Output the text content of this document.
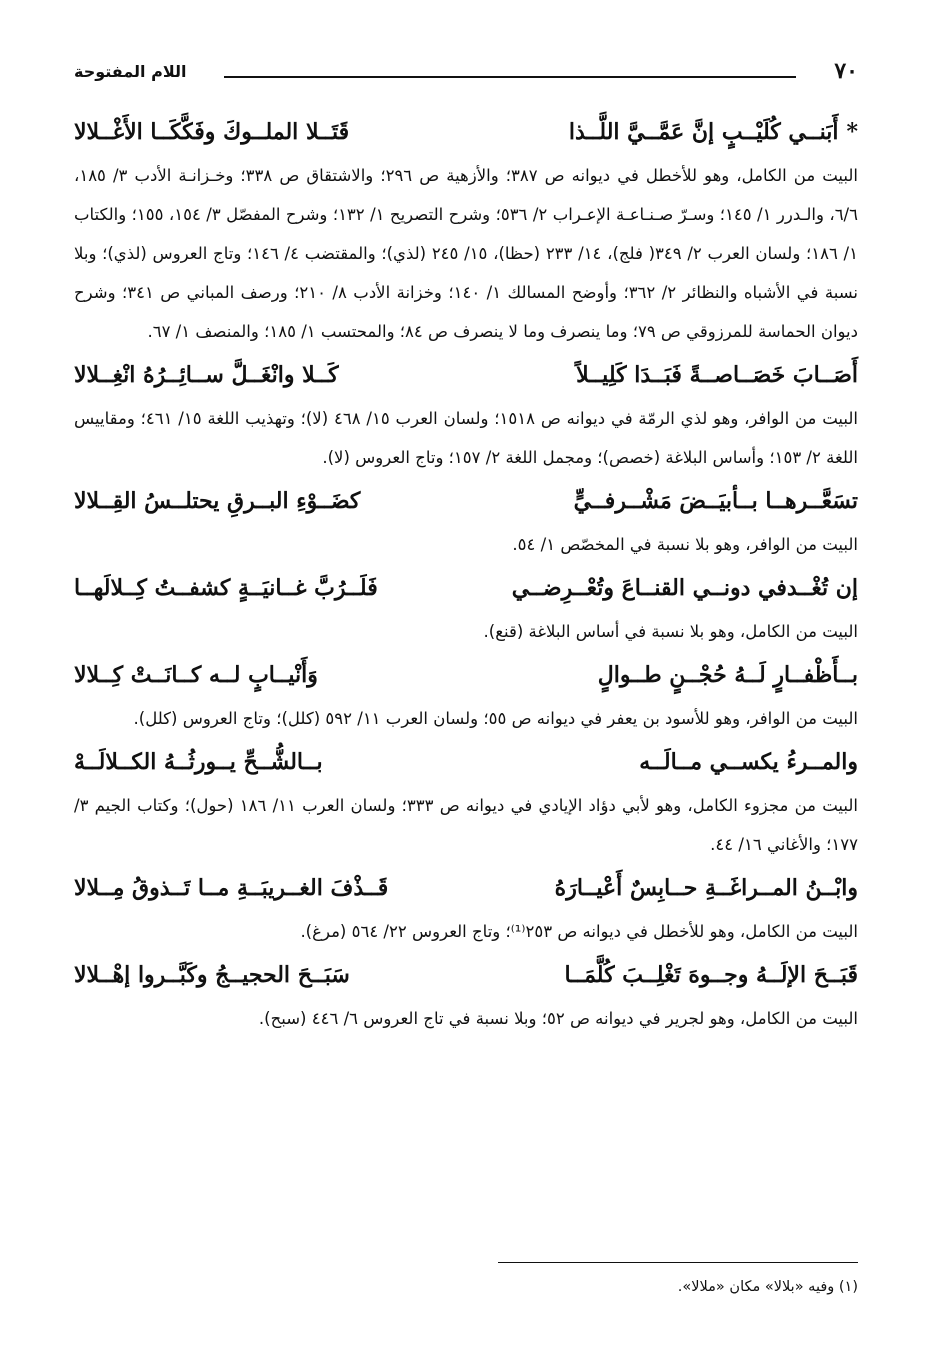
٧٠
اللام المفتوحة
*أَبَنــي كُلَيْــبٍ إنَّ عَمَّــيَّ اللَّــذا
قَتَــلا الملــوكَ وفَكَّكَــا الأَغْــلالا

البيت من الكامل، وهو للأخطل في ديوانه ص ٣٨٧؛ والأزهية ص ٢٩٦؛ والاشتقاق ص ٣٣٨؛ وخـزانـة الأدب ٣/ ١٨٥، ٦/٦، والـدرر ١/ ١٤٥؛ وسـرّ صـنـاعـة الإعـراب ٢/ ٥٣٦؛ وشرح التصريح ١/ ١٣٢؛ وشرح المفصّل ٣/ ١٥٤، ١٥٥؛ والكتاب ١/ ١٨٦؛ ولسان العرب ٢/ ٣٤٩( فلج)، ١٤/ ٢٣٣ (حظا)، ١٥/ ٢٤٥ (لذي)؛ والمقتضب ٤/ ١٤٦؛ وتاج العروس (لذي)؛ وبلا نسبة في الأشباه والنظائر ٢/ ٣٦٢؛ وأوضح المسالك ١/ ١٤٠؛ وخزانة الأدب ٨/ ٢١٠؛ ورصف المباني ص ٣٤١؛ وشرح ديوان الحماسة للمرزوقي ص ٧٩؛ وما ينصرف وما لا ينصرف ص ٨٤؛ والمحتسب ١/ ١٨٥؛ والمنصف ١/ ٦٧.

أَصَــابَ خَصَــاصــةً فَبَــدَا كَلِيــلاً
كَــلا وانْغَــلَّ ســائِــرُهُ انْغِــلالا

البيت من الوافر، وهو لذي الرمّة في ديوانه ص ١٥١٨؛ ولسان العرب ١٥/ ٤٦٨ (لا)؛ وتهذيب اللغة ١٥/ ٤٦١؛ ومقاييس اللغة ٢/ ١٥٣؛ وأساس البلاغة (خصص)؛ ومجمل اللغة ٢/ ١٥٧؛ وتاج العروس (لا).

تسَعَّــرهــا بــأبيَــضَ مَشْــرفــيٍّ
كضَــوْءِ البــرقِ يحتلــسُ القِــلالا

البيت من الوافر، وهو بلا نسبة في المخصّص ١/ ٥٤.

إن تُغْــدفي دونــي القنــاعَ وتُعْــرِضــي
فَلَــرُبَّ غــانيَــةٍ كشفــتُ كِــلالَهــا

البيت من الكامل، وهو بلا نسبة في أساس البلاغة (قنع).

بــأَظْفــارٍ لَــهُ حُجْــنٍ طــوالٍ
وَأَنْيــابٍ لــه كــانَــتْ كِــلالا

البيت من الوافر، وهو للأسود بن يعفر في ديوانه ص ٥٥؛ ولسان العرب ١١/ ٥٩٢ (كلل)؛ وتاج العروس (كلل).

والمــرءُ يكســي مــالَــه
بــالشُّــحِّ يــورثُــهُ الكــلالَــهْ

البيت من مجزوء الكامل، وهو لأبي دؤاد الإيادي في ديوانه ص ٣٣٣؛ ولسان العرب ١١/ ١٨٦ (حول)؛ وكتاب الجيم ٣/ ١٧٧؛ والأغاني ١٦/ ٤٤.

وابْــنُ المــراغَــةِ حــابِسٌ أَعْيــارَهُ
قَــذْفَ الغــريبَــةِ مــا تَــذوقُ مِــلالا

البيت من الكامل، وهو للأخطل في ديوانه ص ٢٥٣⁽¹⁾؛ وتاج العروس ٢٢/ ٥٦٤ (مرغ).

قَبَــحَ الإلَــهُ وجــوهَ تَغْلِــبَ كُلَّمَــا
سَبَــحَ الحجيــجُ وكَبَّــروا إهْــلالا

البيت من الكامل، وهو لجرير في ديوانه ص ٥٢؛ وبلا نسبة في تاج العروس ٦/ ٤٤٦ (سبح).

(١) وفيه «بلالا» مكان «ملالا».
